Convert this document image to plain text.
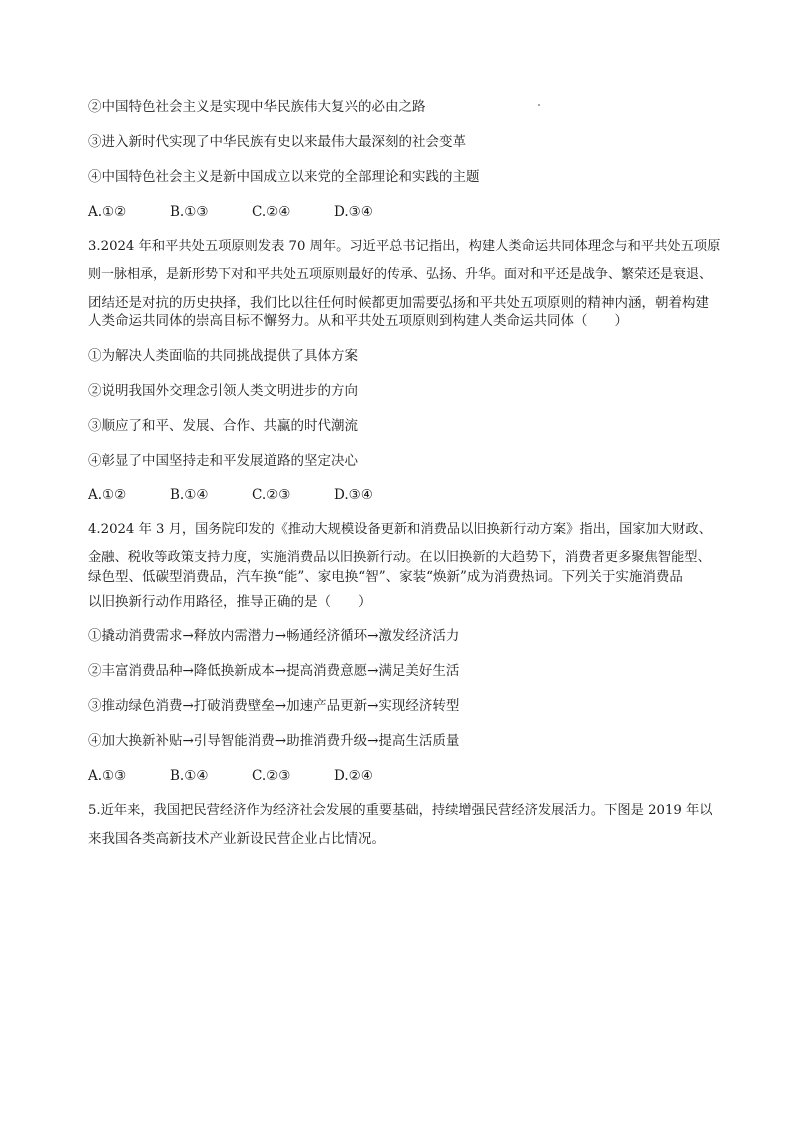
②中国特色社会主义是实现中华民族伟大复兴的必由之路
③进入新时代实现了中华民族有史以来最伟大最深刻的社会变革
④中国特色社会主义是新中国成立以来党的全部理论和实践的主题
A.①②	B.①③	C.②④	D.③④
3.2024 年和平共处五项原则发表 70 周年。习近平总书记指出，构建人类命运共同体理念与和平共处五项原
则一脉相承，是新形势下对和平共处五项原则最好的传承、弘扬、升华。面对和平还是战争、繁荣还是衰退、
团结还是对抗的历史抉择，我们比以往任何时候都更加需要弘扬和平共处五项原则的精神内涵，朝着构建
人类命运共同体的崇高目标不懈努力。从和平共处五项原则到构建人类命运共同体（　　）
①为解决人类面临的共同挑战提供了具体方案
②说明我国外交理念引领人类文明进步的方向
③顺应了和平、发展、合作、共赢的时代潮流
④彰显了中国坚持走和平发展道路的坚定决心
A.①②	B.①④	C.②③	D.③④
4.2024 年 3 月，国务院印发的《推动大规模设备更新和消费品以旧换新行动方案》指出，国家加大财政、
金融、税收等政策支持力度，实施消费品以旧换新行动。在以旧换新的大趋势下，消费者更多聚焦智能型、
绿色型、低碳型消费品，汽车换“能”、家电换“智”、家装“焕新”成为消费热词。下列关于实施消费品
以旧换新行动作用路径，推导正确的是（　　）
①撬动消费需求→释放内需潜力→畅通经济循环→激发经济活力
②丰富消费品种→降低换新成本→提高消费意愿→满足美好生活
③推动绿色消费→打破消费壁垒→加速产品更新→实现经济转型
④加大换新补贴→引导智能消费→助推消费升级→提高生活质量
A.①③	B.①④	C.②③	D.②④
5.近年来，我国把民营经济作为经济社会发展的重要基础，持续增强民营经济发展活力。下图是 2019 年以
来我国各类高新技术产业新设民营企业占比情况。
